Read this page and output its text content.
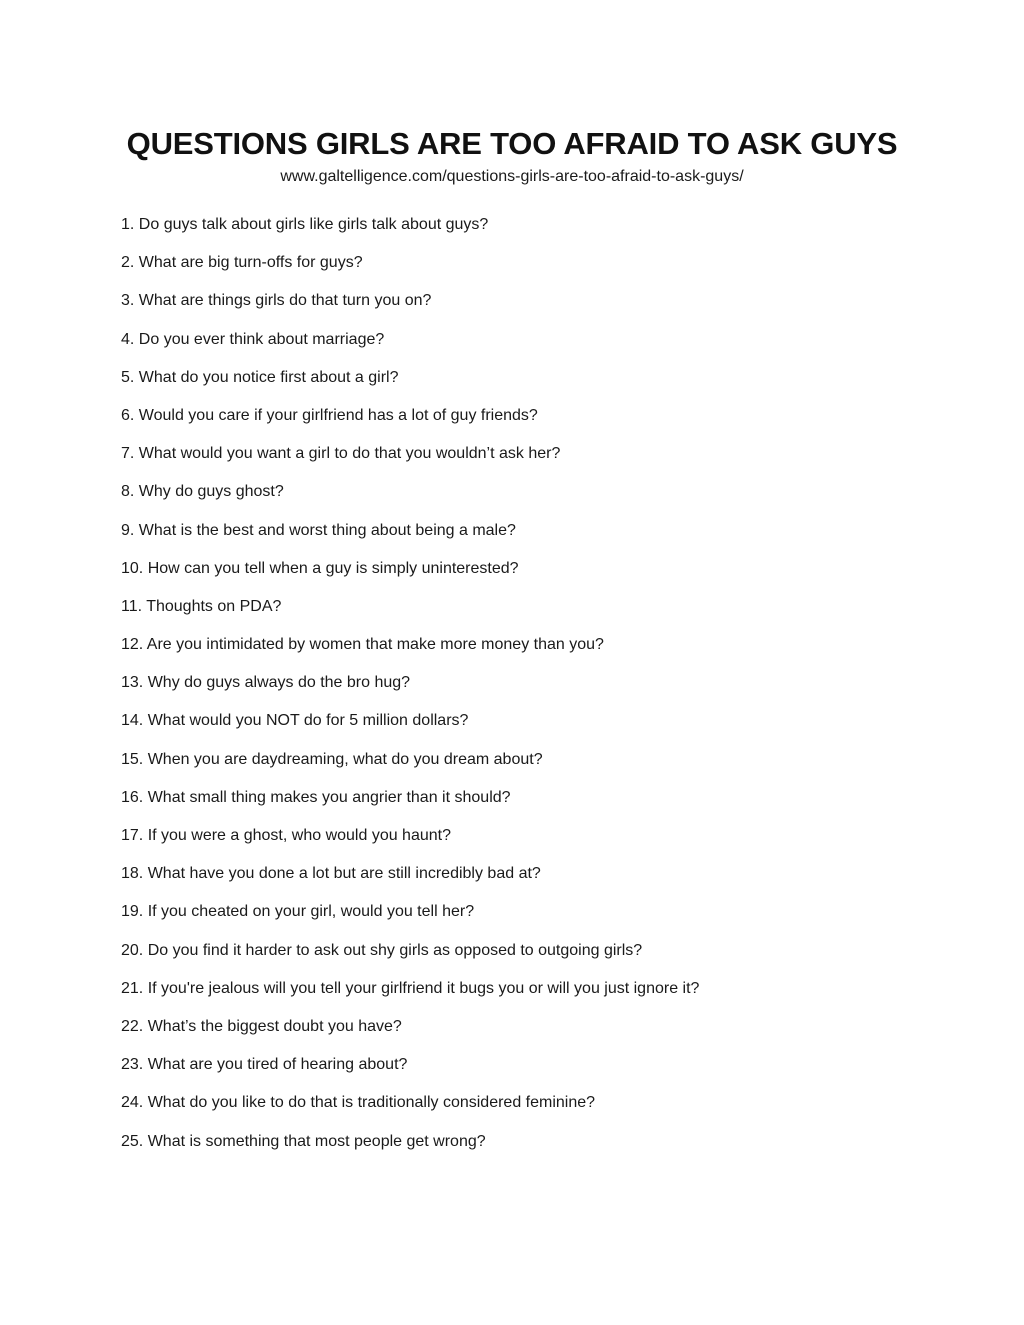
QUESTIONS GIRLS ARE TOO AFRAID TO ASK GUYS
www.galtelligence.com/questions-girls-are-too-afraid-to-ask-guys/
1. Do guys talk about girls like girls talk about guys?
2. What are big turn-offs for guys?
3. What are things girls do that turn you on?
4. Do you ever think about marriage?
5. What do you notice first about a girl?
6. Would you care if your girlfriend has a lot of guy friends?
7. What would you want a girl to do that you wouldn’t ask her?
8. Why do guys ghost?
9. What is the best and worst thing about being a male?
10. How can you tell when a guy is simply uninterested?
11. Thoughts on PDA?
12. Are you intimidated by women that make more money than you?
13. Why do guys always do the bro hug?
14. What would you NOT do for 5 million dollars?
15. When you are daydreaming, what do you dream about?
16. What small thing makes you angrier than it should?
17. If you were a ghost, who would you haunt?
18. What have you done a lot but are still incredibly bad at?
19. If you cheated on your girl, would you tell her?
20. Do you find it harder to ask out shy girls as opposed to outgoing girls?
21. If you're jealous will you tell your girlfriend it bugs you or will you just ignore it?
22. What’s the biggest doubt you have?
23. What are you tired of hearing about?
24. What do you like to do that is traditionally considered feminine?
25. What is something that most people get wrong?
